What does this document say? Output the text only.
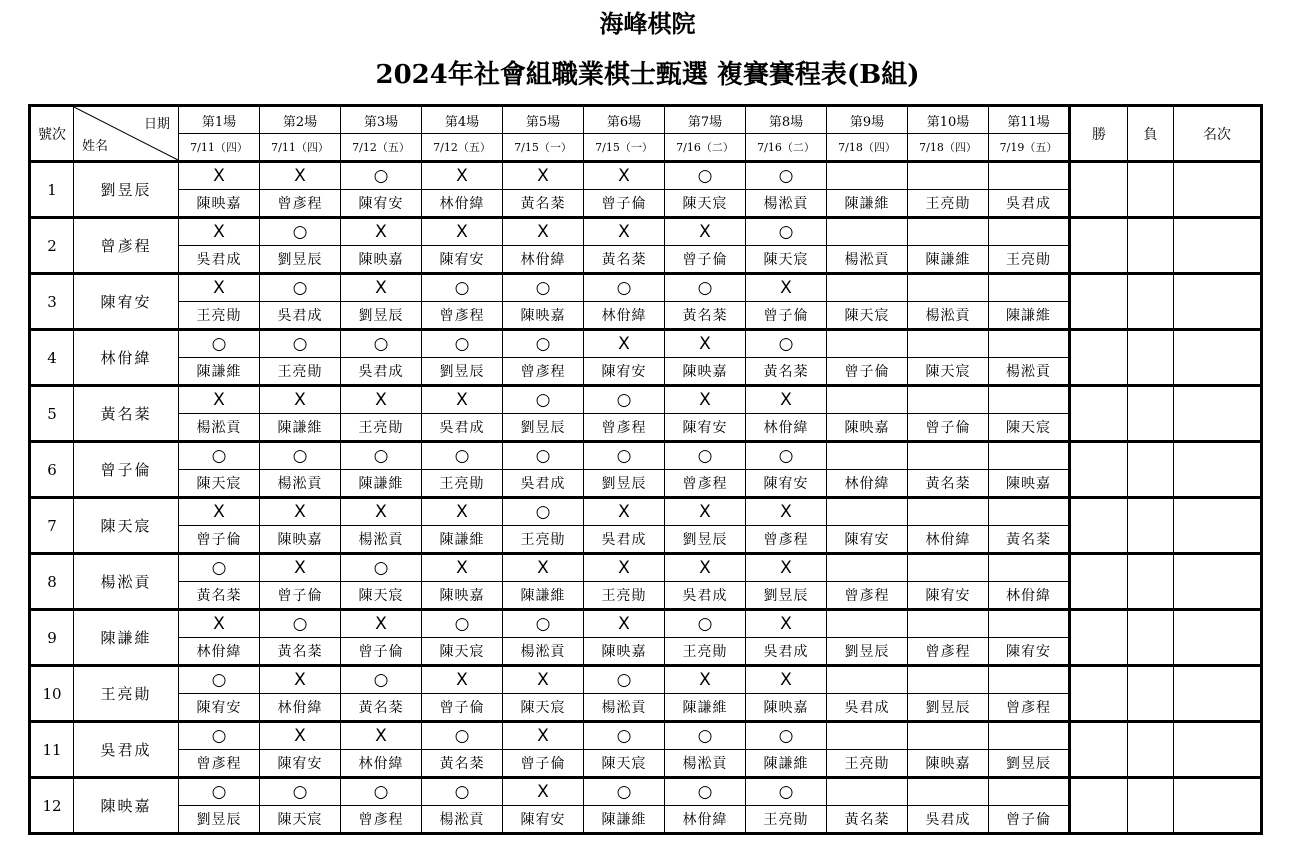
海峰棋院
2024年社會組職業棋士甄選 複賽賽程表(B組)
號次	日期
姓名	第1場	第2場	第3場	第4場	第5場	第6場	第7場	第8場	第9場	第10場	第11場	勝	負	名次
		7/11（四）	7/11（四）	7/12（五）	7/12（五）	7/15（一）	7/15（一）	7/16（二）	7/16（二）	7/18（四）	7/18（四）	7/19（五）			
1	劉昱辰	X	X	○	X	X	X	○	○						
		陳映嘉	曾彥程	陳宥安	林佾緯	黃名棻	曾子倫	陳天宸	楊淞貢	陳謙維	王亮勛	吳君成			
2	曾彥程	X	○	X	X	X	X	X	○						
		吳君成	劉昱辰	陳映嘉	陳宥安	林佾緯	黃名棻	曾子倫	陳天宸	楊淞貢	陳謙維	王亮勛			
3	陳宥安	X	○	X	○	○	○	○	X						
		王亮勛	吳君成	劉昱辰	曾彥程	陳映嘉	林佾緯	黃名棻	曾子倫	陳天宸	楊淞貢	陳謙維			
4	林佾緯	○	○	○	○	○	X	X	○						
		陳謙維	王亮勛	吳君成	劉昱辰	曾彥程	陳宥安	陳映嘉	黃名棻	曾子倫	陳天宸	楊淞貢			
5	黃名棻	X	X	X	X	○	○	X	X						
		楊淞貢	陳謙維	王亮勛	吳君成	劉昱辰	曾彥程	陳宥安	林佾緯	陳映嘉	曾子倫	陳天宸			
6	曾子倫	○	○	○	○	○	○	○	○						
		陳天宸	楊淞貢	陳謙維	王亮勛	吳君成	劉昱辰	曾彥程	陳宥安	林佾緯	黃名棻	陳映嘉			
7	陳天宸	X	X	X	X	○	X	X	X						
		曾子倫	陳映嘉	楊淞貢	陳謙維	王亮勛	吳君成	劉昱辰	曾彥程	陳宥安	林佾緯	黃名棻			
8	楊淞貢	○	X	○	X	X	X	X	X						
		黃名棻	曾子倫	陳天宸	陳映嘉	陳謙維	王亮勛	吳君成	劉昱辰	曾彥程	陳宥安	林佾緯			
9	陳謙維	X	○	X	○	○	X	○	X						
		林佾緯	黃名棻	曾子倫	陳天宸	楊淞貢	陳映嘉	王亮勛	吳君成	劉昱辰	曾彥程	陳宥安			
10	王亮勛	○	X	○	X	X	○	X	X						
		陳宥安	林佾緯	黃名棻	曾子倫	陳天宸	楊淞貢	陳謙維	陳映嘉	吳君成	劉昱辰	曾彥程			
11	吳君成	○	X	X	○	X	○	○	○						
		曾彥程	陳宥安	林佾緯	黃名棻	曾子倫	陳天宸	楊淞貢	陳謙維	王亮勛	陳映嘉	劉昱辰			
12	陳映嘉	○	○	○	○	X	○	○	○						
		劉昱辰	陳天宸	曾彥程	楊淞貢	陳宥安	陳謙維	林佾緯	王亮勛	黃名棻	吳君成	曾子倫			
